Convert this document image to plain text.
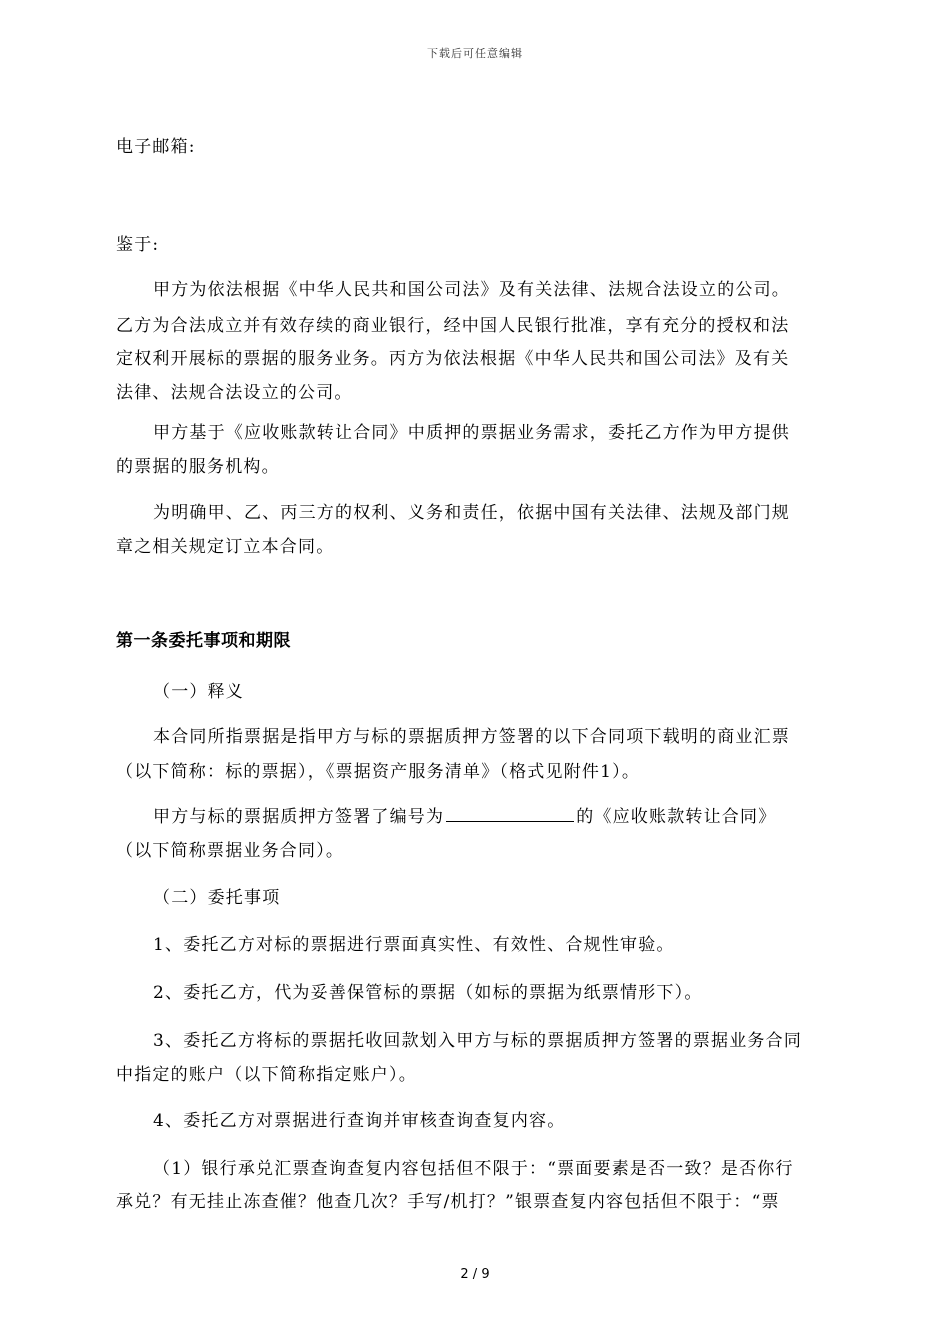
下载后可任意编辑
电子邮箱:
鉴于:
甲方为依法根据《中华人民共和国公司法》及有关法律、法规合法设立的公司。
乙方为合法成立并有效存续的商业银行，经中国人民银行批准，享有充分的授权和法
定权利开展标的票据的服务业务。丙方为依法根据《中华人民共和国公司法》及有关
法律、法规合法设立的公司。
甲方基于《应收账款转让合同》中质押的票据业务需求，委托乙方作为甲方提供
的票据的服务机构。
为明确甲、乙、丙三方的权利、义务和责任，依据中国有关法律、法规及部门规
章之相关规定订立本合同。
第一条委托事项和期限
（一）释义
本合同所指票据是指甲方与标的票据质押方签署的以下合同项下载明的商业汇票
（以下简称：标的票据），《票据资产服务清单》（格式见附件1）。
甲方与标的票据质押方签署了编号为	的《应收账款转让合同》
（以下简称票据业务合同）。
（二）委托事项
1、委托乙方对标的票据进行票面真实性、有效性、合规性审验。
2、委托乙方，代为妥善保管标的票据（如标的票据为纸票情形下）。
3、委托乙方将标的票据托收回款划入甲方与标的票据质押方签署的票据业务合同
中指定的账户（以下简称指定账户）。
4、委托乙方对票据进行查询并审核查询查复内容。
（1）银行承兑汇票查询查复内容包括但不限于：“票面要素是否一致？是否你行
承兑？有无挂止冻查催？他查几次？手写/机打？”银票查复内容包括但不限于：“票
2 / 9
